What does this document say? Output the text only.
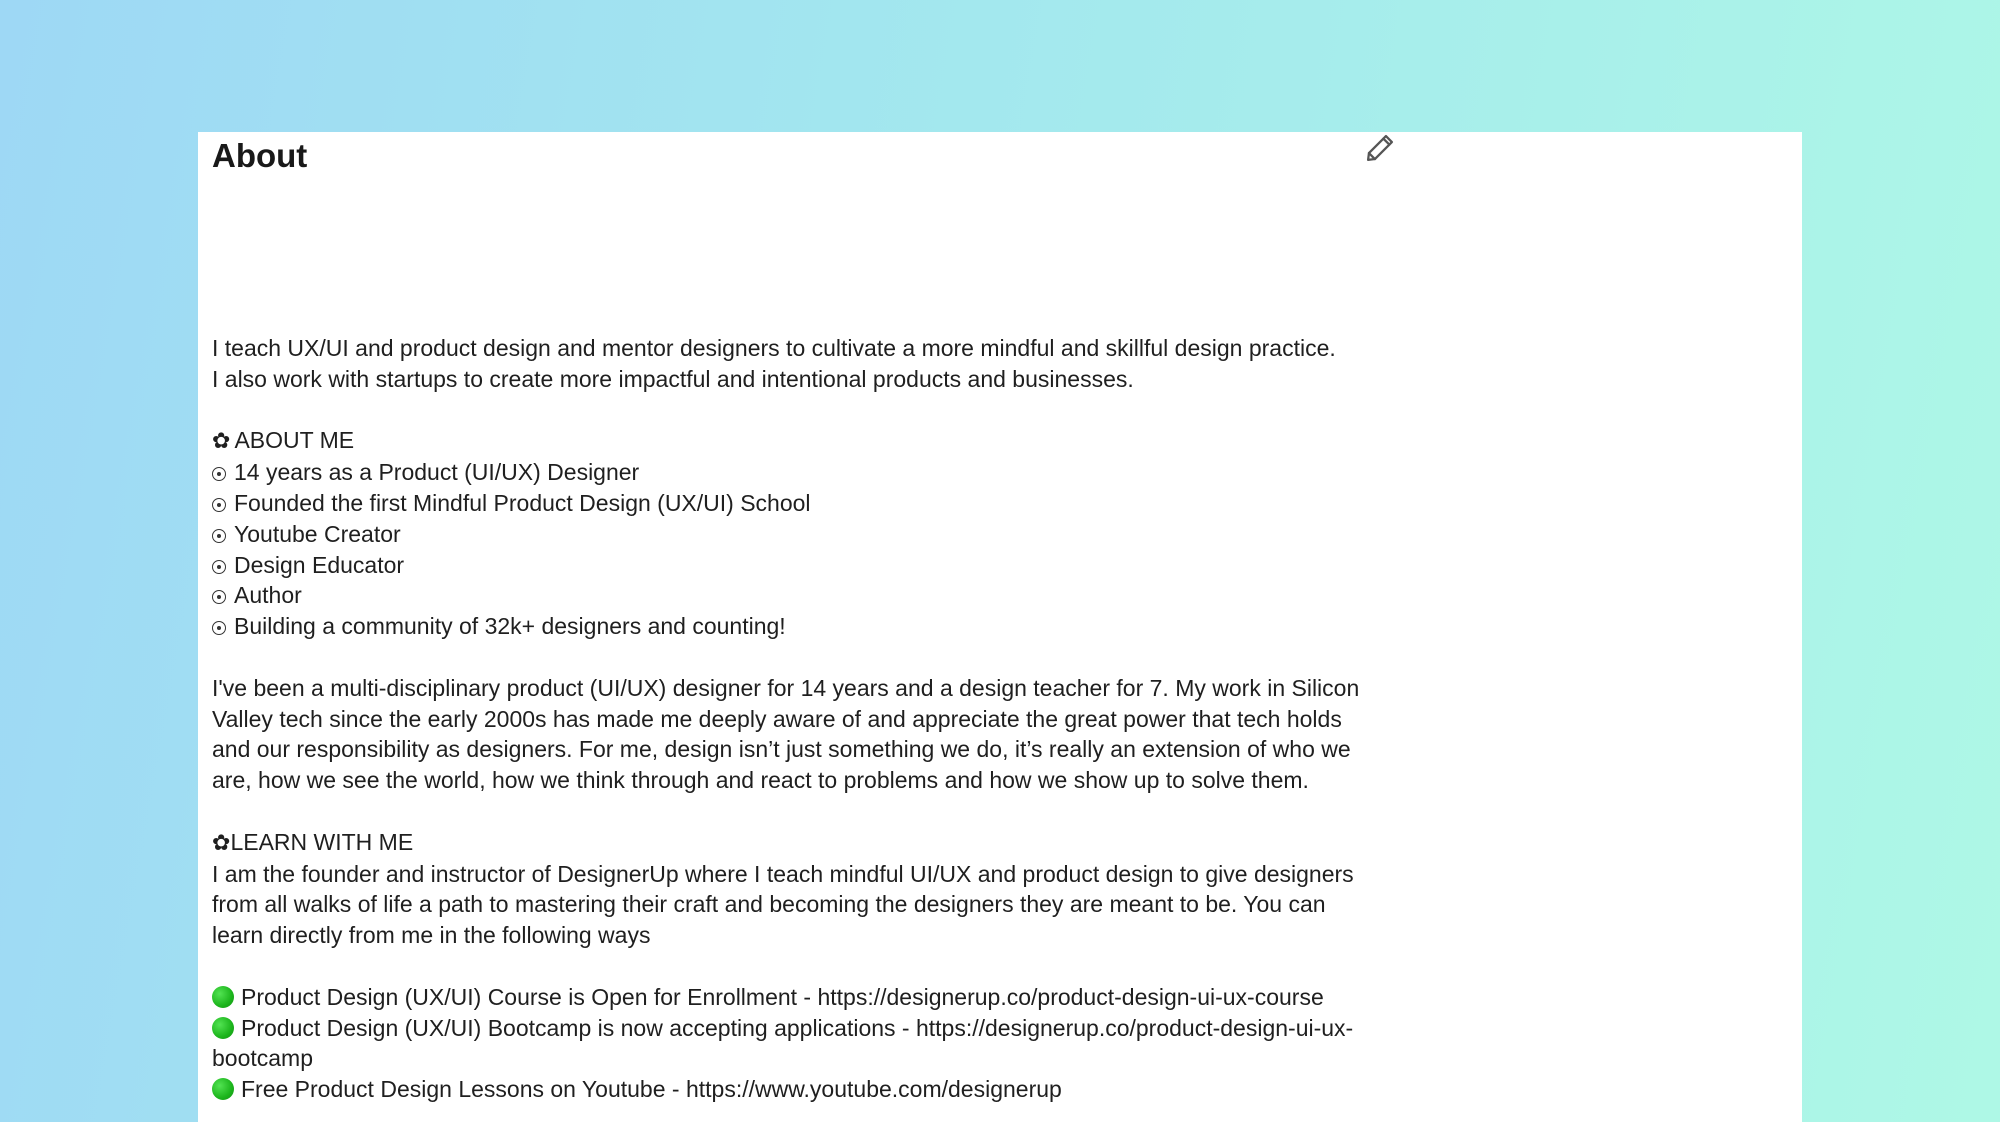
About
I teach UX/UI and product design and mentor designers to cultivate a more mindful and skillful design practice.
I also work with startups to create more impactful and intentional products and businesses.
✿ ABOUT ME
14 years as a Product (UI/UX) Designer
Founded the first Mindful Product Design (UX/UI) School
Youtube Creator
Design Educator
Author
Building a community of 32k+ designers and counting!
I've been a multi-disciplinary product (UI/UX) designer for 14 years and a design teacher for 7. My work in Silicon
Valley tech since the early 2000s has made me deeply aware of and appreciate the great power that tech holds
and our responsibility as designers. For me, design isn’t just something we do, it’s really an extension of who we
are, how we see the world, how we think through and react to problems and how we show up to solve them.
✿LEARN WITH ME
I am the founder and instructor of DesignerUp where I teach mindful UI/UX and product design to give designers
from all walks of life a path to mastering their craft and becoming the designers they are meant to be. You can
learn directly from me in the following ways
Product Design (UX/UI) Course is Open for Enrollment - https://designerup.co/product-design-ui-ux-course
Product Design (UX/UI) Bootcamp is now accepting applications - https://designerup.co/product-design-ui-ux-bootcamp
Free Product Design Lessons on Youtube - https://www.youtube.com/designerup
